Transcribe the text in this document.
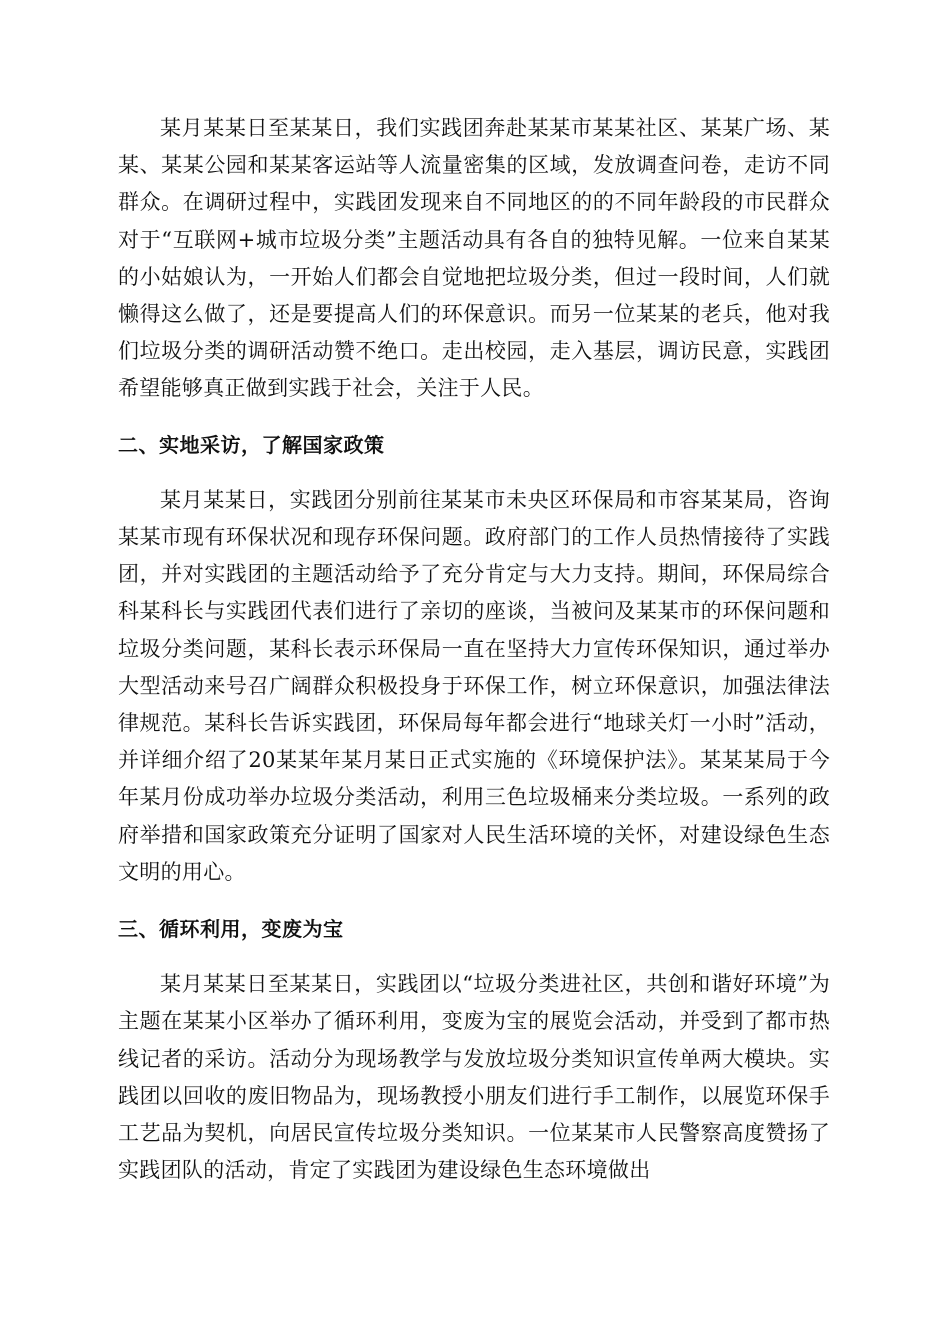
某月某某日至某某日，我们实践团奔赴某某市某某社区、某某广场、某某、某某公园和某某客运站等人流量密集的区域，发放调查问卷，走访不同群众。在调研过程中，实践团发现来自不同地区的的不同年龄段的市民群众对于“互联网+城市垃圾分类”主题活动具有各自的独特见解。一位来自某某的小姑娘认为，一开始人们都会自觉地把垃圾分类，但过一段时间，人们就懒得这么做了，还是要提高人们的环保意识。而另一位某某的老兵，他对我们垃圾分类的调研活动赞不绝口。走出校园，走入基层，调访民意，实践团希望能够真正做到实践于社会，关注于人民。

二、实地采访，了解国家政策

某月某某日，实践团分别前往某某市未央区环保局和市容某某局，咨询某某市现有环保状况和现存环保问题。政府部门的工作人员热情接待了实践团，并对实践团的主题活动给予了充分肯定与大力支持。期间，环保局综合科某科长与实践团代表们进行了亲切的座谈，当被问及某某市的环保问题和垃圾分类问题，某科长表示环保局一直在坚持大力宣传环保知识，通过举办大型活动来号召广阔群众积极投身于环保工作，树立环保意识，加强法律法律规范。某科长告诉实践团，环保局每年都会进行“地球关灯一小时”活动，并详细介绍了20某某年某月某日正式实施的《环境保护法》。某某某局于今年某月份成功举办垃圾分类活动，利用三色垃圾桶来分类垃圾。一系列的政府举措和国家政策充分证明了国家对人民生活环境的关怀，对建设绿色生态文明的用心。

三、循环利用，变废为宝

某月某某日至某某日，实践团以“垃圾分类进社区，共创和谐好环境”为主题在某某小区举办了循环利用，变废为宝的展览会活动，并受到了都市热线记者的采访。活动分为现场教学与发放垃圾分类知识宣传单两大模块。实践团以回收的废旧物品为，现场教授小朋友们进行手工制作，以展览环保手工艺品为契机，向居民宣传垃圾分类知识。一位某某市人民警察高度赞扬了实践团队的活动，肯定了实践团为建设绿色生态环境做出
